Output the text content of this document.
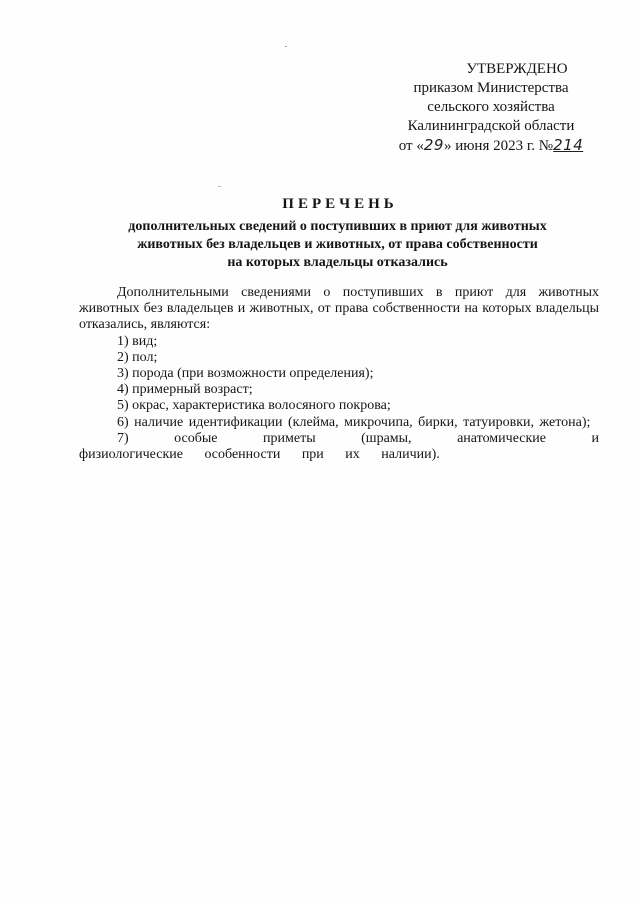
УТВЕРЖДЕНО
приказом Министерства
сельского хозяйства
Калининградской области
от «29» июня 2023 г. №214
ПЕРЕЧЕНЬ
дополнительных сведений о поступивших в приют для животных
животных без владельцев и животных, от права собственности
на которых владельцы отказались

Дополнительными сведениями о поступивших в приют для животных животных без владельцев и животных, от права собственности на которых владельцы отказались, являются:

1) вид;

2) пол;

3) порода (при возможности определения);

4) примерный возраст;

5) окрас, характеристика волосяного покрова;

6) наличие идентификации (клейма, микрочипа, бирки, татуировки, жетона);

7) особые приметы (шрамы, анатомические и физиологические особенности при их наличии).
